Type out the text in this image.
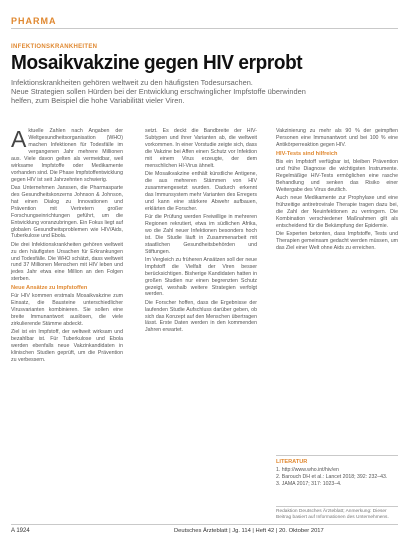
PHARMA
INFEKTIONSKRANKHEITEN
Mosaikvakzine gegen HIV erprobt
Infektionskrankheiten gehören weltweit zu den häufigsten Todesursachen.
Neue Strategien sollen Hürden bei der Entwicklung erschwinglicher Impfstoffe überwinden
helfen, zum Beispiel die hohe Variabilität vieler Viren.

Aktuelle Zahlen nach Angaben der Weltgesundheitsorganisation (WHO) machen Infektionen für Todesfälle im vergangenen Jahr mehrere Millionen aus. Viele davon gelten als vermeidbar, weil wirksame Impfstoffe oder Medikamente vorhanden sind. Die Phase Impfstoffentwicklung gegen HIV ist seit Jahrzehnten schwierig.

Das Unternehmen Janssen, die Pharmasparte des Gesundheitskonzerns Johnson & Johnson, hat einen Dialog zu Innovationen und Prävention mit Vertretern großer Forschungseinrichtungen geführt, um die Entwicklung voranzubringen. Ein Fokus liegt auf globalen Gesundheitsproblemen wie HIV/Aids, Tuberkulose und Ebola.

Die drei Infektionskrankheiten gehören weltweit zu den häufigsten Ursachen für Erkrankungen und Todesfälle. Die WHO schätzt, dass weltweit rund 37 Millionen Menschen mit HIV leben und jedes Jahr etwa eine Million an den Folgen sterben.

Neue Ansätze zu Impfstoffen

Für HIV kommen erstmals Mosaikvakzine zum Einsatz, die Bausteine unterschiedlicher Virusvarianten kombinieren. Sie sollen eine breite Immunantwort auslösen, die viele zirkulierende Stämme abdeckt.

Ziel ist ein Impfstoff, der weltweit wirksam und bezahlbar ist. Für Tuberkulose und Ebola werden ebenfalls neue Vakzinkandidaten in klinischen Studien geprüft, um die Prävention zu verbessern.

setzt. Es deckt die Bandbreite der HIV-Subtypen und ihrer Varianten ab, die weltweit vorkommen. In einer Vorstudie zeigte sich, dass die Vakzine bei Affen einen Schutz vor Infektion mit einem Virus erzeugte, der dem menschlichen HI-Virus ähnelt.

Die Mosaikvakzine enthält künstliche Antigene, die aus mehreren Stämmen von HIV zusammengesetzt wurden. Dadurch erkennt das Immunsystem mehr Varianten des Erregers und kann eine stärkere Abwehr aufbauen, erklärten die Forscher.

Für die Prüfung werden Freiwillige in mehreren Regionen rekrutiert, etwa im südlichen Afrika, wo die Zahl neuer Infektionen besonders hoch ist. Die Studie läuft in Zusammenarbeit mit staatlichen Gesundheitsbehörden und Stiftungen.

Im Vergleich zu früheren Ansätzen soll der neue Impfstoff die Vielfalt der Viren besser berücksichtigen. Bisherige Kandidaten hatten in großen Studien nur einen begrenzten Schutz gezeigt, weshalb weitere Strategien verfolgt werden.

Die Forscher hoffen, dass die Ergebnisse der laufenden Studie Aufschluss darüber geben, ob sich das Konzept auf den Menschen übertragen lässt. Erste Daten werden in den kommenden Jahren erwartet.

Vakzinierung zu mehr als 90 % der geimpften Personen eine Immunantwort und bei 100 % eine Antikörperreaktion gegen HIV.

HIV-Tests sind hilfreich

Bis ein Impfstoff verfügbar ist, bleiben Prävention und frühe Diagnose die wichtigsten Instrumente. Regelmäßige HIV-Tests ermöglichen eine rasche Behandlung und senken das Risiko einer Weitergabe des Virus deutlich.

Auch neue Medikamente zur Prophylaxe und eine frühzeitige antiretrovirale Therapie tragen dazu bei, die Zahl der Neuinfektionen zu verringern. Die Kombination verschiedener Maßnahmen gilt als entscheidend für die Bekämpfung der Epidemie.

Die Experten betonten, dass Impfstoffe, Tests und Therapien gemeinsam gedacht werden müssen, um das Ziel einer Welt ohne Aids zu erreichen.

LITERATUR
1. http://www.who.int/hiv/en
2. Barouch DH et al.: Lancet 2018; 392: 232–43.
3. JAMA 2017; 317: 1023–4.
Redaktion Deutsches Ärzteblatt; Anmerkung: Dieser Beitrag basiert auf Informationen des Unternehmens.
A 1924	Deutsches Ärzteblatt | Jg. 114 | Heft 42 | 20. Oktober 2017
